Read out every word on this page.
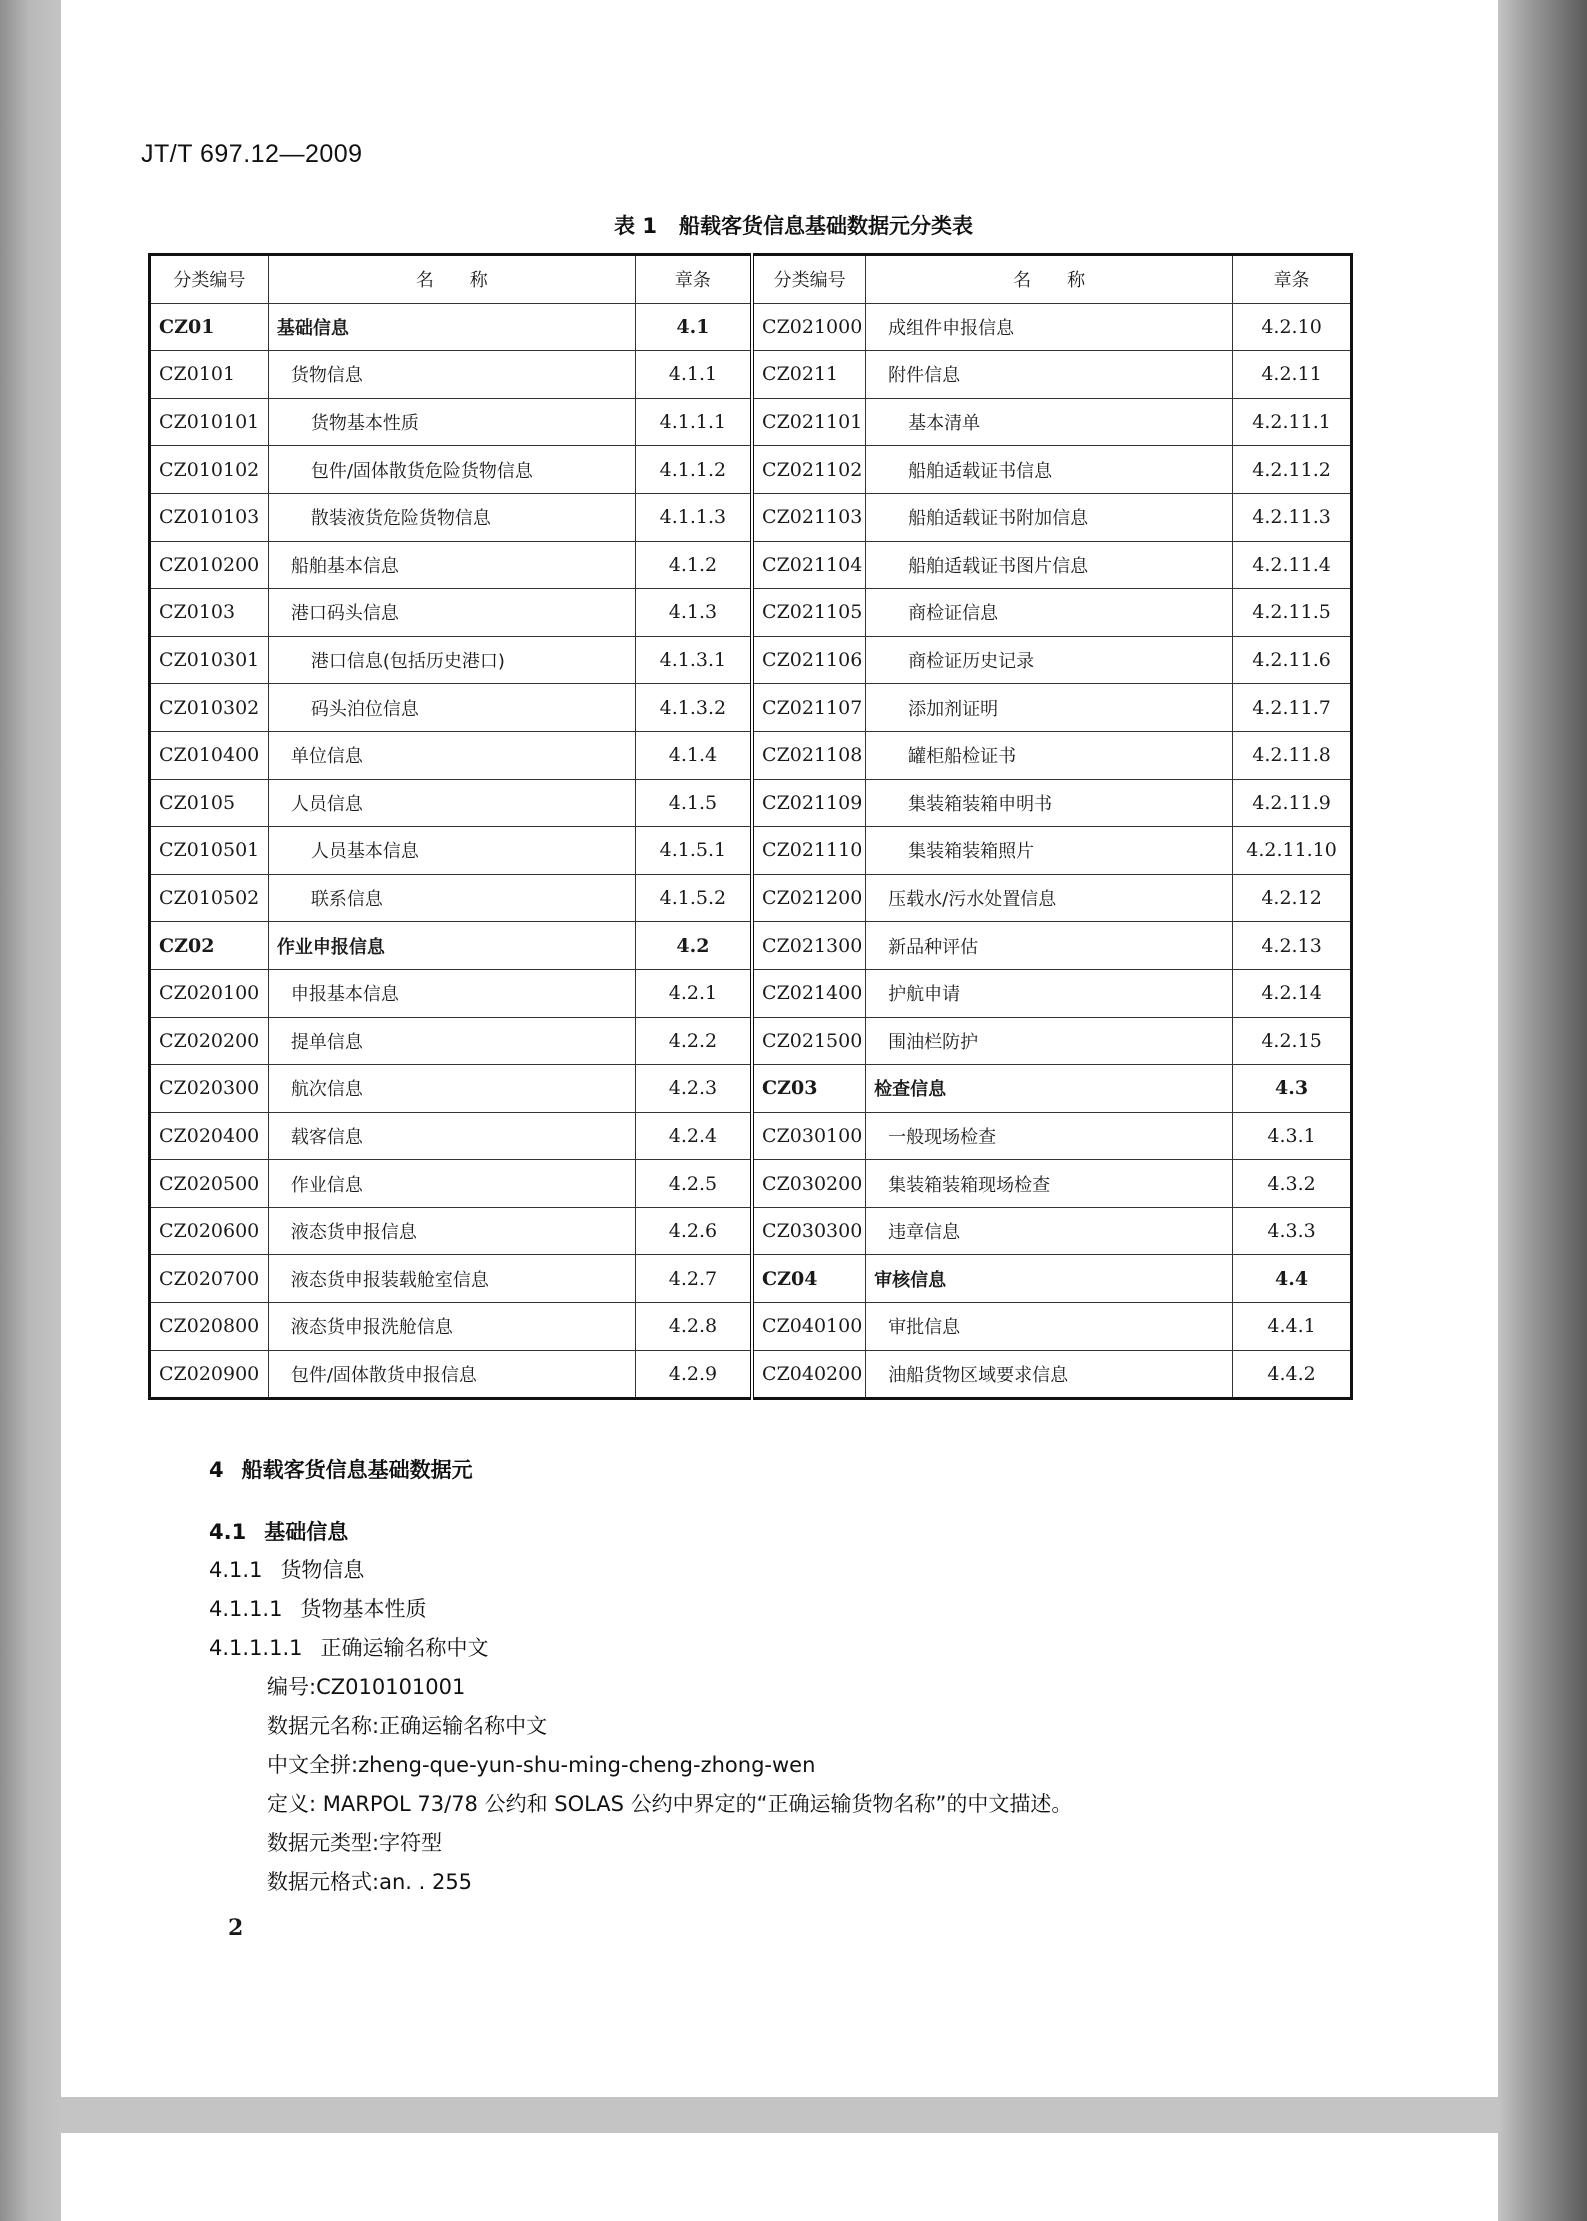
JT/T 697.12—2009
表 1 船载客货信息基础数据元分类表
分类编号	名　　称	章条	分类编号	名　　称	章条
CZ01	基础信息	4.1	CZ021000	成组件申报信息	4.2.10
CZ0101	货物信息	4.1.1	CZ0211	附件信息	4.2.11
CZ010101	货物基本性质	4.1.1.1	CZ021101	基本清单	4.2.11.1
CZ010102	包件/固体散货危险货物信息	4.1.1.2	CZ021102	船舶适载证书信息	4.2.11.2
CZ010103	散装液货危险货物信息	4.1.1.3	CZ021103	船舶适载证书附加信息	4.2.11.3
CZ010200	船舶基本信息	4.1.2	CZ021104	船舶适载证书图片信息	4.2.11.4
CZ0103	港口码头信息	4.1.3	CZ021105	商检证信息	4.2.11.5
CZ010301	港口信息(包括历史港口)	4.1.3.1	CZ021106	商检证历史记录	4.2.11.6
CZ010302	码头泊位信息	4.1.3.2	CZ021107	添加剂证明	4.2.11.7
CZ010400	单位信息	4.1.4	CZ021108	罐柜船检证书	4.2.11.8
CZ0105	人员信息	4.1.5	CZ021109	集装箱装箱申明书	4.2.11.9
CZ010501	人员基本信息	4.1.5.1	CZ021110	集装箱装箱照片	4.2.11.10
CZ010502	联系信息	4.1.5.2	CZ021200	压载水/污水处置信息	4.2.12
CZ02	作业申报信息	4.2	CZ021300	新品种评估	4.2.13
CZ020100	申报基本信息	4.2.1	CZ021400	护航申请	4.2.14
CZ020200	提单信息	4.2.2	CZ021500	围油栏防护	4.2.15
CZ020300	航次信息	4.2.3	CZ03	检查信息	4.3
CZ020400	载客信息	4.2.4	CZ030100	一般现场检查	4.3.1
CZ020500	作业信息	4.2.5	CZ030200	集装箱装箱现场检查	4.3.2
CZ020600	液态货申报信息	4.2.6	CZ030300	违章信息	4.3.3
CZ020700	液态货申报装载舱室信息	4.2.7	CZ04	审核信息	4.4
CZ020800	液态货申报洗舱信息	4.2.8	CZ040100	审批信息	4.4.1
CZ020900	包件/固体散货申报信息	4.2.9	CZ040200	油船货物区域要求信息	4.4.2
4 船载客货信息基础数据元
4.1 基础信息
4.1.1 货物信息
4.1.1.1 货物基本性质
4.1.1.1.1 正确运输名称中文
编号:CZ010101001
数据元名称:正确运输名称中文
中文全拼:zheng-que-yun-shu-ming-cheng-zhong-wen
定义: MARPOL 73/78 公约和 SOLAS 公约中界定的“正确运输货物名称”的中文描述。
数据元类型:字符型
数据元格式:an. . 255
2
